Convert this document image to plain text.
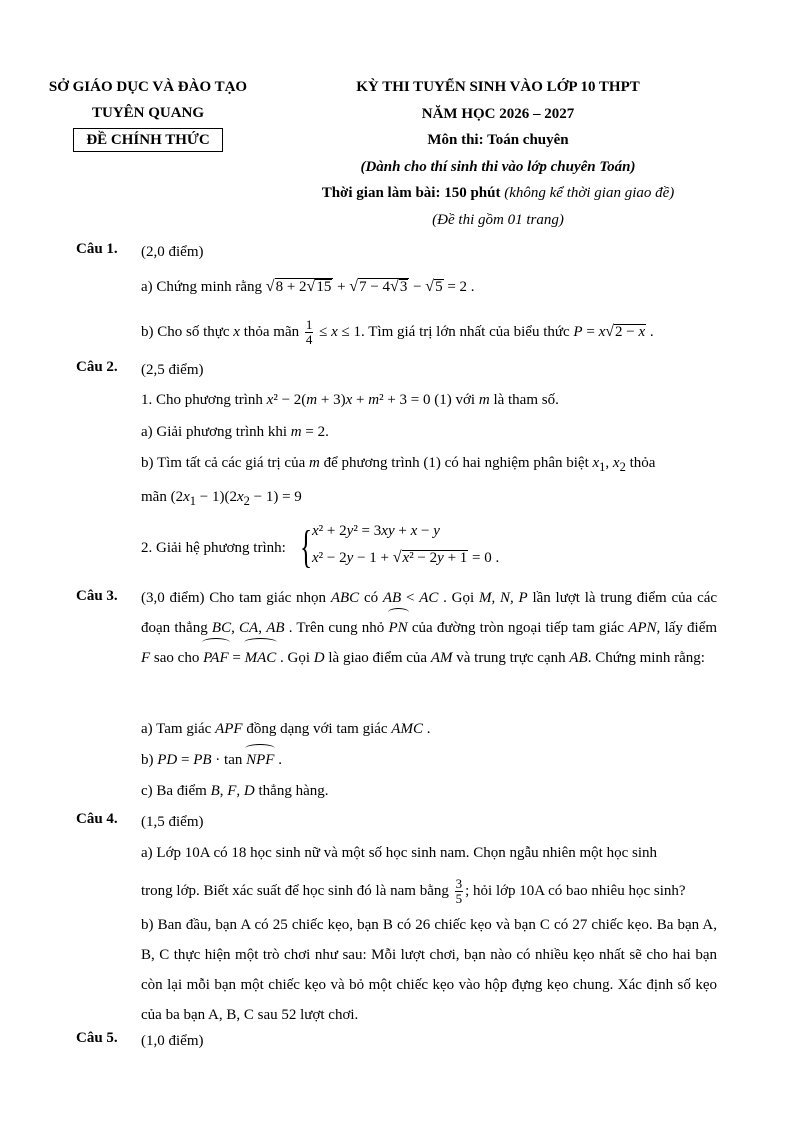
SỞ GIÁO DỤC VÀ ĐÀO TẠO
TUYÊN QUANG
ĐỀ CHÍNH THỨC
KỲ THI TUYỂN SINH VÀO LỚP 10 THPT
NĂM HỌC 2026 – 2027
Môn thi: Toán chuyên
(Dành cho thí sinh thi vào lớp chuyên Toán)
Thời gian làm bài: 150 phút (không kể thời gian giao đề)
(Đề thi gồm 01 trang)
Câu 1. (2,0 điểm)
a) Chứng minh rằng √8 + 2√15 + √7 − 4√3 − √5 = 2 .
b) Cho số thực x thỏa mãn $\frac{1}{4} \le x \le 1$. Tìm giá trị lớn nhất của biểu thức P = x√2 − x .
Câu 2. (2,5 điểm)
1. Cho phương trình x² − 2(m + 3)x + m² + 3 = 0 (1) với m là tham số.
a) Giải phương trình khi m = 2.
b) Tìm tất cả các giá trị của m để phương trình (1) có hai nghiệm phân biệt $x_1$, $x_2$ thỏa
mãn $(2x_1 - 1)(2x_2 - 1) = 9$
2. Giải hệ phương trình: { x² + 2y² = 3xy + x − y
x² − 2y − 1 + √x² − 2y + 1 = 0 .
Câu 3. (3,0 điểm) Cho tam giác nhọn ABC có AB < AC . Gọi M, N, P lần lượt là trung điểm của các đoạn thẳng BC, CA, AB . Trên cung nhỏ PN của đường tròn ngoại tiếp tam giác APN, lấy điểm F sao cho PAF = MAC . Gọi D là giao điểm của AM và trung trực cạnh AB. Chứng minh rằng:
a) Tam giác APF đồng dạng với tam giác AMC .
b) PD = PB · tan NPF .
c) Ba điểm B, F, D thẳng hàng.
Câu 4. (1,5 điểm)
a) Lớp 10A có 18 học sinh nữ và một số học sinh nam. Chọn ngẫu nhiên một học sinh
trong lớp. Biết xác suất để học sinh đó là nam bằng $\frac{3}{5}$ ; hỏi lớp 10A có bao nhiêu học sinh?
b) Ban đầu, bạn A có 25 chiếc kẹo, bạn B có 26 chiếc kẹo và bạn C có 27 chiếc kẹo. Ba bạn A, B, C thực hiện một trò chơi như sau: Mỗi lượt chơi, bạn nào có nhiều kẹo nhất sẽ cho hai bạn còn lại mỗi bạn một chiếc kẹo và bỏ một chiếc kẹo vào hộp đựng kẹo chung. Xác định số kẹo của ba bạn A, B, C sau 52 lượt chơi.
Câu 5. (1,0 điểm)
